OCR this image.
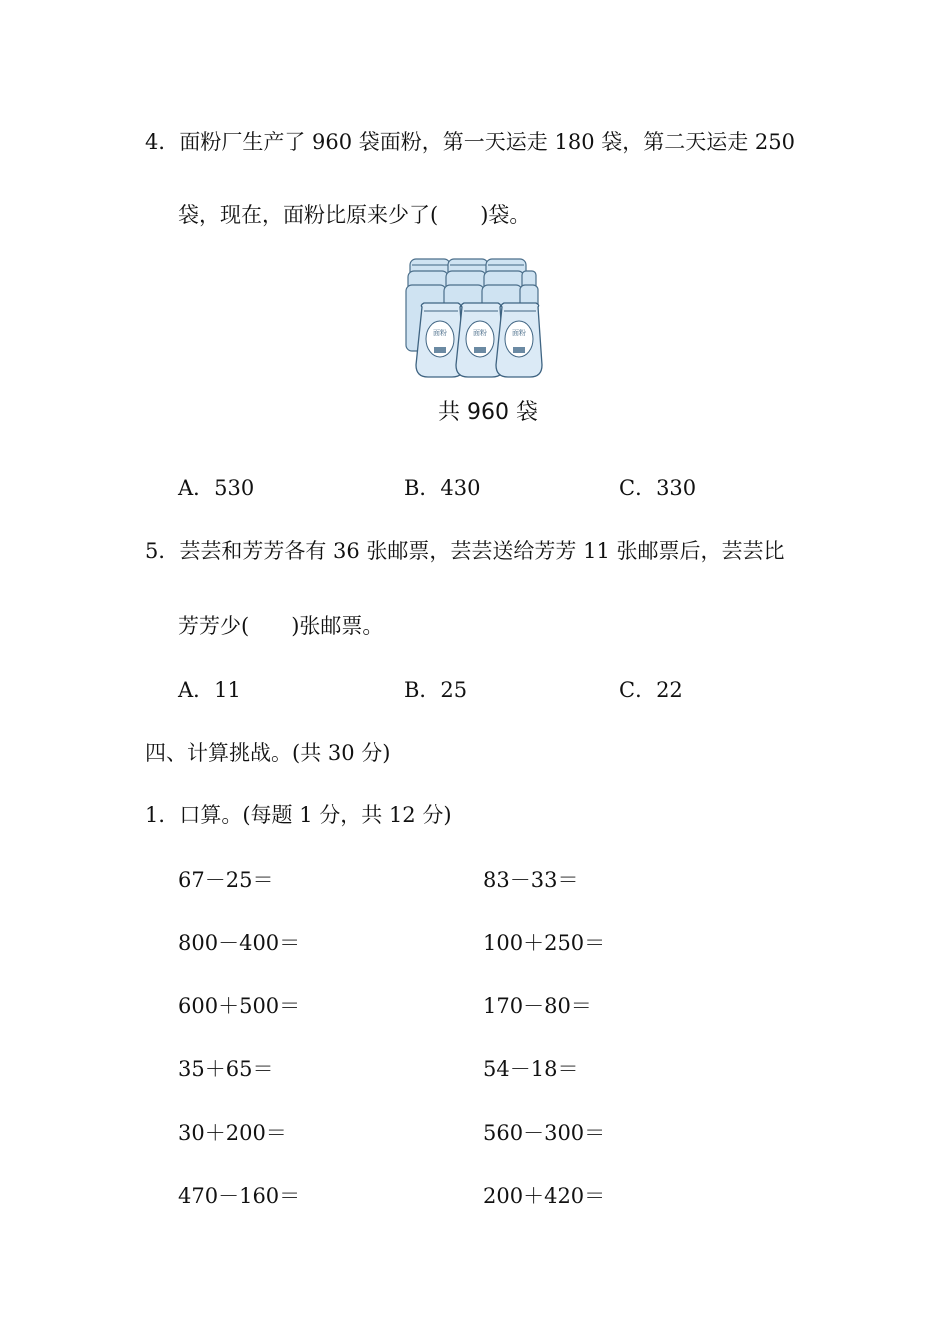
4．面粉厂生产了 960 袋面粉，第一天运走 180 袋，第二天运走 250
袋，现在，面粉比原来少了(　　)袋。
面粉	面粉	面粉
共 960 袋
A．530	B．430	C．330
5．芸芸和芳芳各有 36 张邮票，芸芸送给芳芳 11 张邮票后，芸芸比
芳芳少(　　)张邮票。
A．11	B．25	C．22
四、计算挑战。(共 30 分)
1．口算。(每题 1 分，共 12 分)
67－25＝	83－33＝
800－400＝	100＋250＝
600＋500＝	170－80＝
35＋65＝	54－18＝
30＋200＝	560－300＝
470－160＝	200＋420＝
